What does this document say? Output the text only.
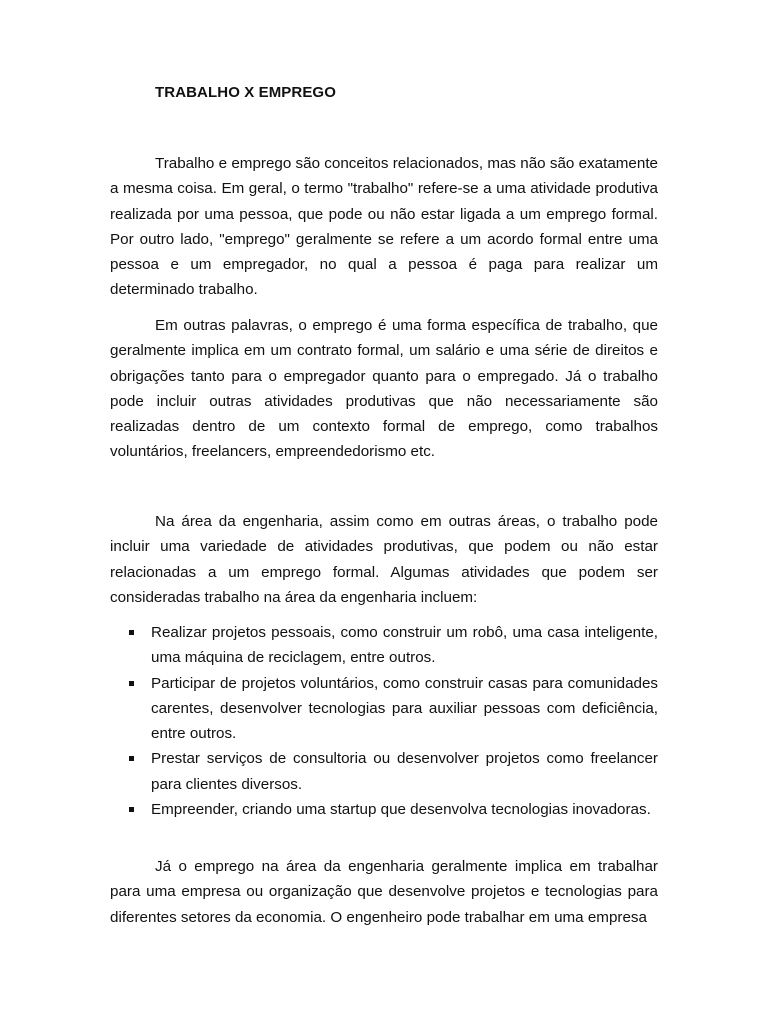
TRABALHO X EMPREGO

Trabalho e emprego são conceitos relacionados, mas não são exatamente a mesma coisa. Em geral, o termo "trabalho" refere-se a uma atividade produtiva realizada por uma pessoa, que pode ou não estar ligada a um emprego formal. Por outro lado, "emprego" geralmente se refere a um acordo formal entre uma pessoa e um empregador, no qual a pessoa é paga para realizar um determinado trabalho.

Em outras palavras, o emprego é uma forma específica de trabalho, que geralmente implica em um contrato formal, um salário e uma série de direitos e obrigações tanto para o empregador quanto para o empregado. Já o trabalho pode incluir outras atividades produtivas que não necessariamente são realizadas dentro de um contexto formal de emprego, como trabalhos voluntários, freelancers, empreendedorismo etc.

Na área da engenharia, assim como em outras áreas, o trabalho pode incluir uma variedade de atividades produtivas, que podem ou não estar relacionadas a um emprego formal. Algumas atividades que podem ser consideradas trabalho na área da engenharia incluem:

Realizar projetos pessoais, como construir um robô, uma casa inteligente, uma máquina de reciclagem, entre outros.
Participar de projetos voluntários, como construir casas para comunidades carentes, desenvolver tecnologias para auxiliar pessoas com deficiência, entre outros.
Prestar serviços de consultoria ou desenvolver projetos como freelancer para clientes diversos.
Empreender, criando uma startup que desenvolva tecnologias inovadoras.

Já o emprego na área da engenharia geralmente implica em trabalhar para uma empresa ou organização que desenvolve projetos e tecnologias para diferentes setores da economia. O engenheiro pode trabalhar em uma empresa
